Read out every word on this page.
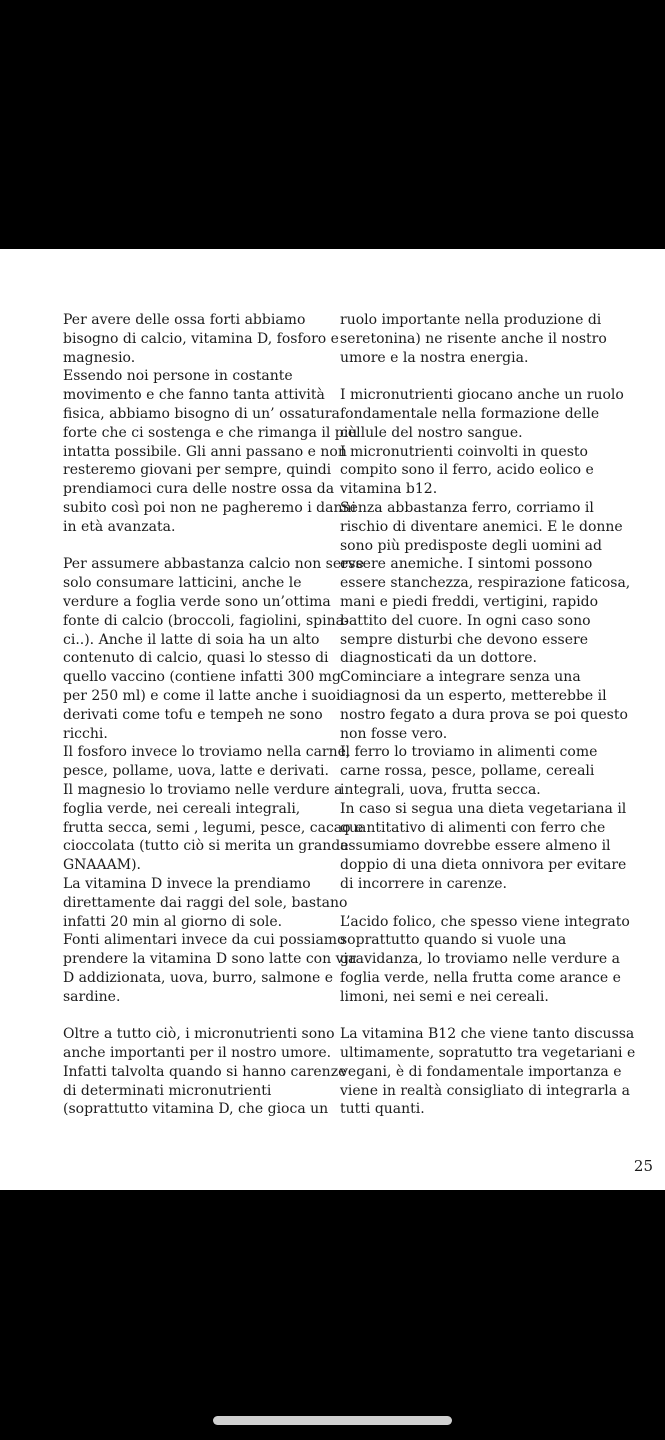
Per avere delle ossa forti abbiamo
bisogno di calcio, vitamina D, fosforo e
magnesio.
Essendo noi persone in costante
movimento e che fanno tanta attività
fisica, abbiamo bisogno di un’ ossatura
forte che ci sostenga e che rimanga il più
intatta possibile. Gli anni passano e non
resteremo giovani per sempre, quindi
prendiamoci cura delle nostre ossa da
subito così poi non ne pagheremo i danni
in età avanzata.
Per assumere abbastanza calcio non serve
solo consumare latticini, anche le
verdure a foglia verde sono un’ottima
fonte di calcio (broccoli, fagiolini, spina-
ci..). Anche il latte di soia ha un alto
contenuto di calcio, quasi lo stesso di
quello vaccino (contiene infatti 300 mg
per 250 ml) e come il latte anche i suoi
derivati come tofu e tempeh ne sono
ricchi.
Il fosforo invece lo troviamo nella carne,
pesce, pollame, uova, latte e derivati.
Il magnesio lo troviamo nelle verdure a
foglia verde, nei cereali integrali,
frutta secca, semi , legumi, pesce, cacao e
cioccolata (tutto ciò si merita un grande
GNAAAM).
La vitamina D invece la prendiamo
direttamente dai raggi del sole, bastano
infatti 20 min al giorno di sole.
Fonti alimentari invece da cui possiamo
prendere la vitamina D sono latte con via
D addizionata, uova, burro, salmone e
sardine.
Oltre a tutto ciò, i micronutrienti sono
anche importanti per il nostro umore.
Infatti talvolta quando si hanno carenze
di determinati micronutrienti
(soprattutto vitamina D, che gioca un
ruolo importante nella produzione di
seretonina) ne risente anche il nostro
umore e la nostra energia.
I micronutrienti giocano anche un ruolo
fondamentale nella formazione delle
cellule del nostro sangue.
I micronutrienti coinvolti in questo
compito sono il ferro, acido eolico e
vitamina b12.
Senza abbastanza ferro, corriamo il
rischio di diventare anemici. E le donne
sono più predisposte degli uomini ad
essere anemiche. I sintomi possono
essere stanchezza, respirazione faticosa,
mani e piedi freddi, vertigini, rapido
battito del cuore. In ogni caso sono
sempre disturbi che devono essere
diagnosticati da un dottore.
Cominciare a integrare senza una
diagnosi da un esperto, metterebbe il
nostro fegato a dura prova se poi questo
non fosse vero.
Il ferro lo troviamo in alimenti come
carne rossa, pesce, pollame, cereali
integrali, uova, frutta secca.
In caso si segua una dieta vegetariana il
quantitativo di alimenti con ferro che
assumiamo dovrebbe essere almeno il
doppio di una dieta onnivora per evitare
di incorrere in carenze.
L’acido folico, che spesso viene integrato
soprattutto quando si vuole una
gravidanza, lo troviamo nelle verdure a
foglia verde, nella frutta come arance e
limoni, nei semi e nei cereali.
La vitamina B12 che viene tanto discussa
ultimamente, sopratutto tra vegetariani e
vegani, è di fondamentale importanza e
viene in realtà consigliato di integrarla a
tutti quanti.
25
